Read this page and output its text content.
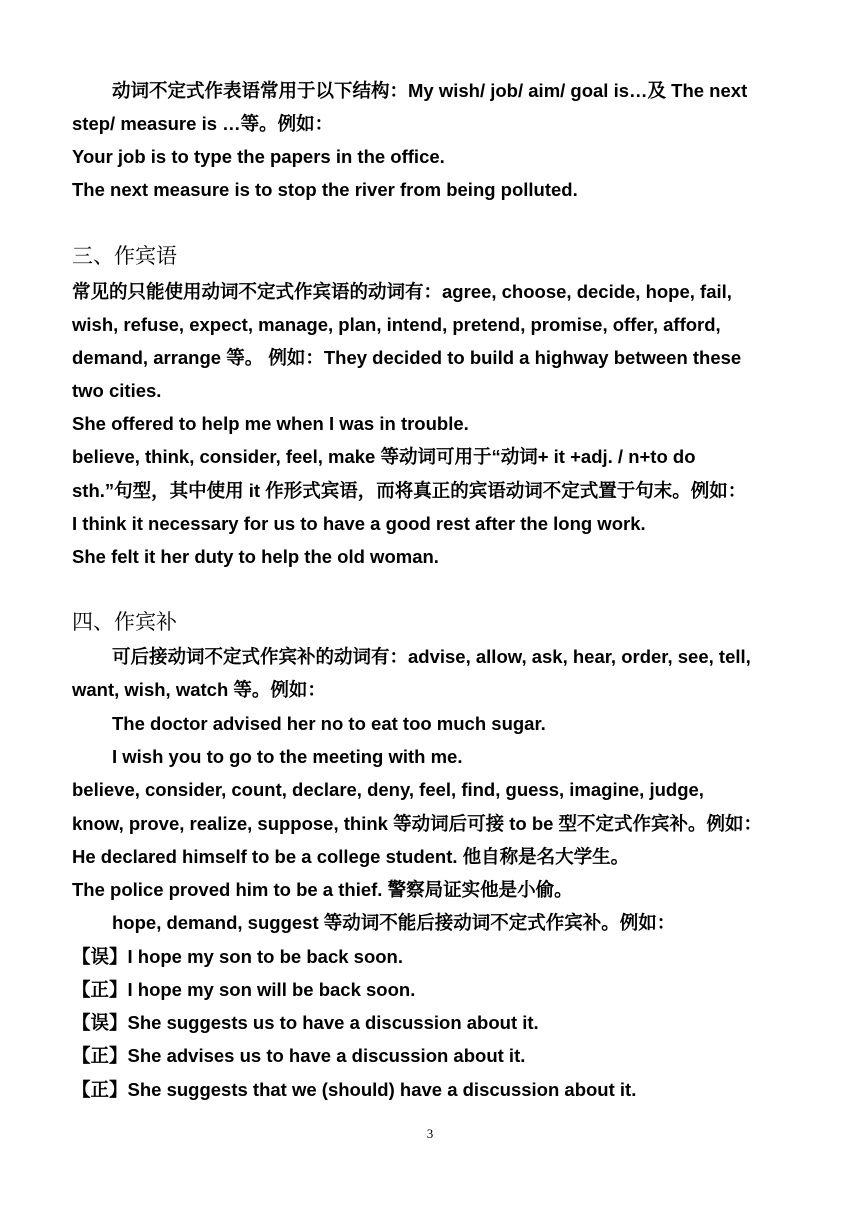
动词不定式作表语常用于以下结构：My wish/ job/ aim/ goal is…及 The next
step/ measure is …等。例如：
Your job is to type the papers in the office.
The next measure is to stop the river from being polluted.
三、作宾语
常见的只能使用动词不定式作宾语的动词有：agree, choose, decide, hope, fail,
wish, refuse, expect, manage, plan, intend, pretend, promise, offer, afford,
demand, arrange 等。 例如：They decided to build a highway between these
two cities.
She offered to help me when I was in trouble.
believe, think, consider, feel, make 等动词可用于“动词+ it +adj. / n+to do
sth.”句型，其中使用 it 作形式宾语，而将真正的宾语动词不定式置于句末。例如：
I think it necessary for us to have a good rest after the long work.
She felt it her duty to help the old woman.
四、作宾补
可后接动词不定式作宾补的动词有：advise, allow, ask, hear, order, see, tell,
want, wish, watch 等。例如：
The doctor advised her no to eat too much sugar.
I wish you to go to the meeting with me.
believe, consider, count, declare, deny, feel, find, guess, imagine, judge,
know, prove, realize, suppose, think 等动词后可接 to be 型不定式作宾补。例如：
He declared himself to be a college student. 他自称是名大学生。
The police proved him to be a thief. 警察局证实他是小偷。
hope, demand, suggest 等动词不能后接动词不定式作宾补。例如：
【误】I hope my son to be back soon.
【正】I hope my son will be back soon.
【误】She suggests us to have a discussion about it.
【正】She advises us to have a discussion about it.
【正】She suggests that we (should) have a discussion about it.
3
